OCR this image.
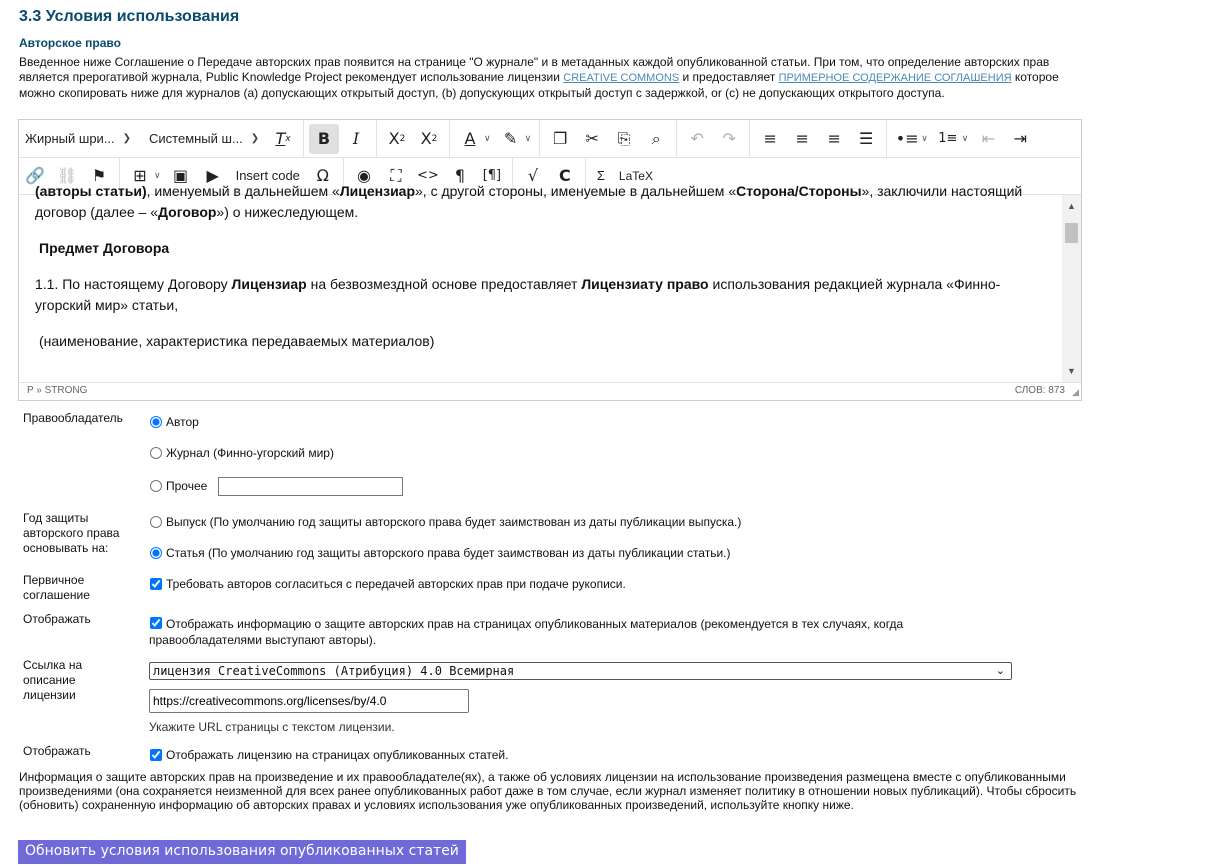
3.3 Условия использования
Авторское право
Введенное ниже Соглашение о Передаче авторских прав появится на странице "О журнале" и в метаданных каждой опубликованной статьи. При том, что определение авторских прав является прерогативой журнала, Public Knowledge Project рекомендует использование лицензии CREATIVE COMMONS и предоставляет ПРИМЕРНОЕ СОДЕРЖАНИЕ СОГЛАШЕНИЯ которое можно скопировать ниже для журналов (a) допускающих открытый доступ, (b) допускующих открытый доступ с задержкой, or (c) не допускающих открытого доступа.
Жирный шри... ❯ Системный ш... ❯ T x	B	I	X 2 X 2	A ∨ ✎ ∨	❐	✂	⎘	⌕	↶	↷	≡	≡	≡	☰	•≡ ∨ 1≡ ∨ ⇤	⇥
🔗 ⛓ ⚑	⊞ ∨ ▣	▶	Insert code	Ω	◉	⛶	<>	¶	[¶]	√	C	Σ	LaTeX

(авторы статьи), именуемый в дальнейшем «Лицензиар», с другой стороны, именуемые в дальнейшем «Сторона/Стороны», заключили настоящий договор (далее – «Договор») о нижеследующем.

Предмет Договора

1.1. По настоящему Договору Лицензиар на безвозмездной основе предоставляет Лицензиату право использования редакцией журнала «Финно-угорский мир» статьи,

(наименование, характеристика передаваемых материалов)

▲
▼
P » STRONG	СЛОВ: 873 ◢
Правообладатель	Автор
Журнал (Финно-угорский мир)
Прочее
Год защиты авторского права основывать на:
Выпуск (По умолчанию год защиты авторского права будет заимствован из даты публикации выпуска.)
Статья (По умолчанию год защиты авторского права будет заимствован из даты публикации статьи.)
Первичное соглашение
Требовать авторов согласиться с передачей авторских прав при подаче рукописи.
Отображать	Отображать информацию о защите авторских прав на страницах опубликованных материалов (рекомендуется в тех случаях, когда правообладателями выступают авторы).
Ссылка на описание лицензии
лицензия CreativeCommons (Атрибуция) 4.0 Всемирная	⌄
https://creativecommons.org/licenses/by/4.0
Укажите URL страницы с текстом лицензии.
Отображать	Отображать лицензию на страницах опубликованных статей.
Информация о защите авторских прав на произведение и их правообладателе(ях), а также об условиях лицензии на использование произведения размещена вместе с опубликованными произведениями (она сохраняется неизменной для всех ранее опубликованных работ даже в том случае, если журнал изменяет политику в отношении новых публикаций). Чтобы сбросить (обновить) сохраненную информацию об авторских правах и условиях использования уже опубликованных произведений, используйте кнопку ниже.
Обновить условия использования опубликованных статей
